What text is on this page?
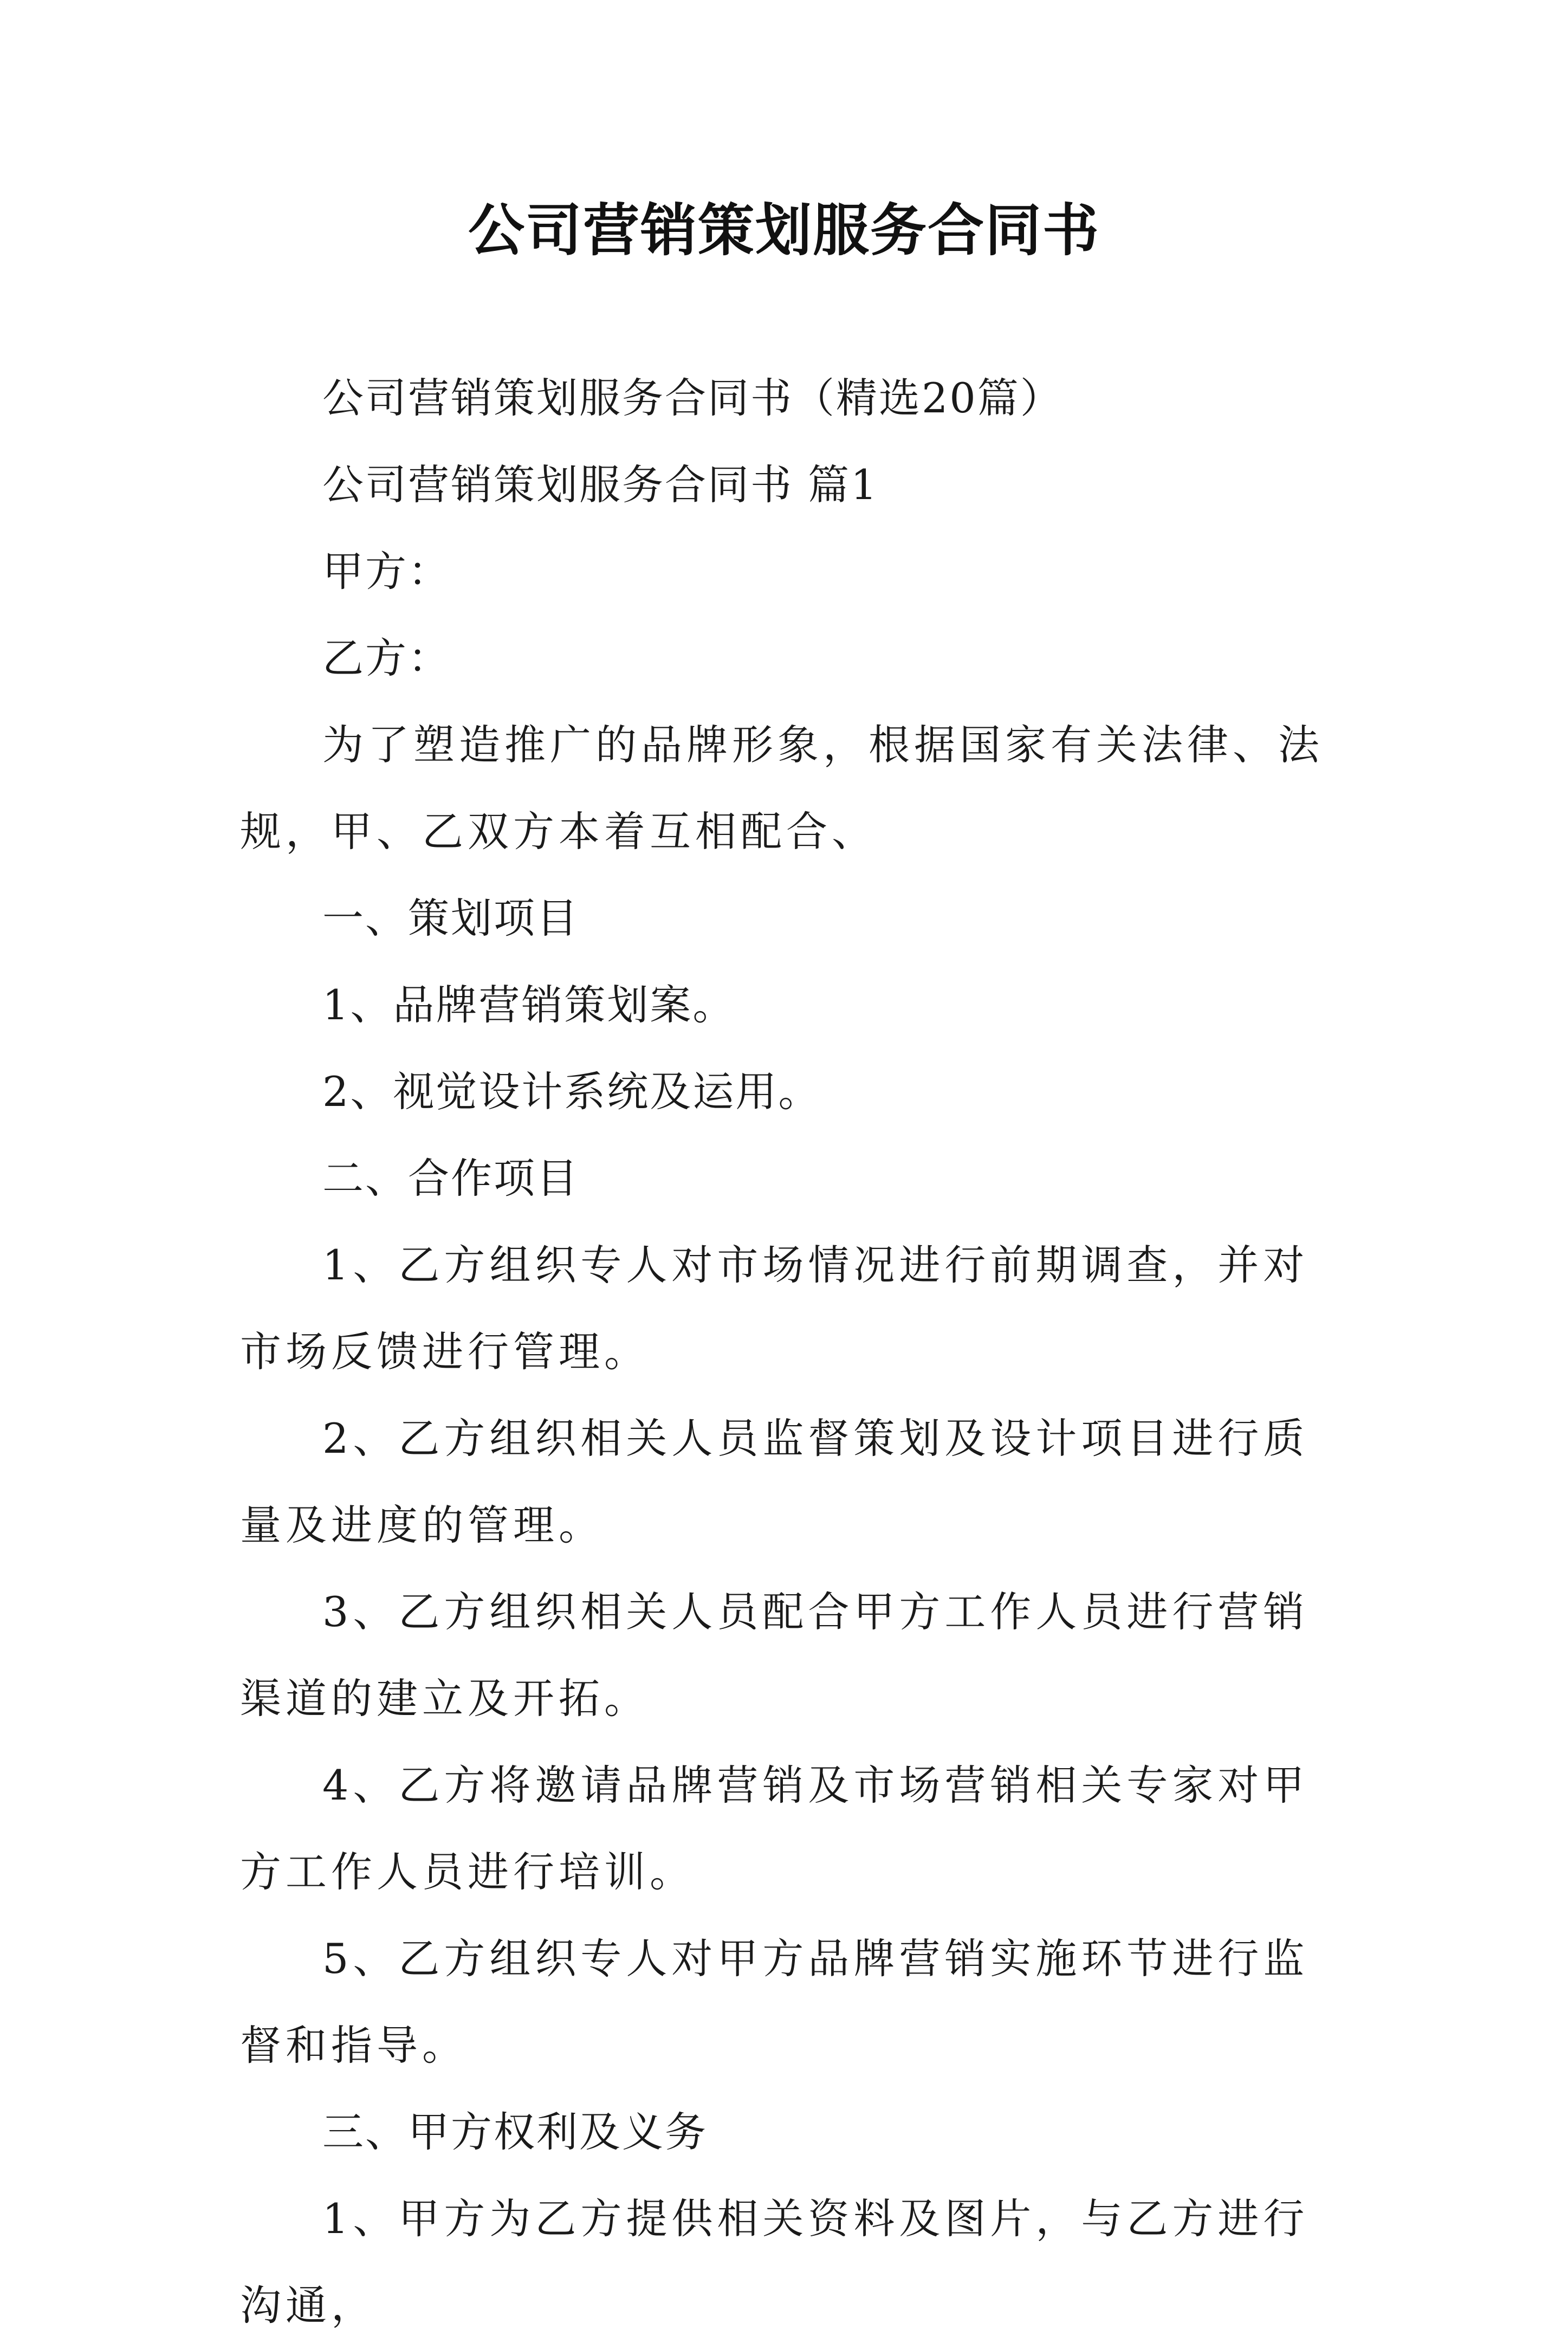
公司营销策划服务合同书

公司营销策划服务合同书（精选20篇）

公司营销策划服务合同书 篇1

甲方：

乙方：

为了塑造推广的品牌形象，根据国家有关法律、法规，甲、乙双方本着互相配合、

一、策划项目

1、品牌营销策划案。

2、视觉设计系统及运用。

二、合作项目

1、乙方组织专人对市场情况进行前期调查，并对市场反馈进行管理。

2、乙方组织相关人员监督策划及设计项目进行质量及进度的管理。

3、乙方组织相关人员配合甲方工作人员进行营销渠道的建立及开拓。

4、乙方将邀请品牌营销及市场营销相关专家对甲方工作人员进行培训。

5、乙方组织专人对甲方品牌营销实施环节进行监督和指导。

三、甲方权利及义务

1、甲方为乙方提供相关资料及图片，与乙方进行沟通，
